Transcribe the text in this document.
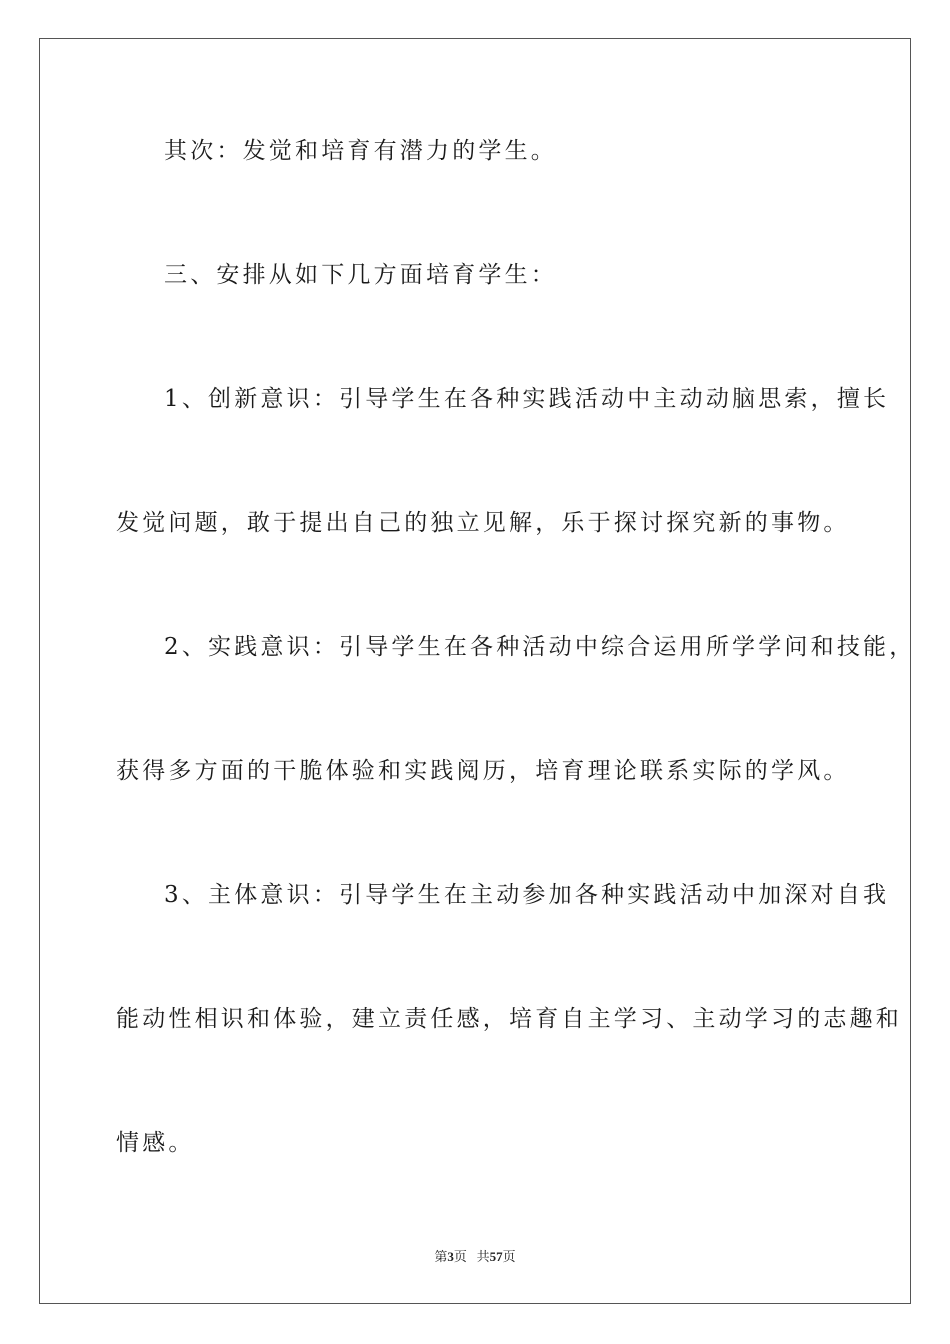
其次：发觉和培育有潜力的学生。
三、安排从如下几方面培育学生：
1、创新意识：引导学生在各种实践活动中主动动脑思索，擅长
发觉问题，敢于提出自己的独立见解，乐于探讨探究新的事物。
2、实践意识：引导学生在各种活动中综合运用所学学问和技能，
获得多方面的干脆体验和实践阅历，培育理论联系实际的学风。
3、主体意识：引导学生在主动参加各种实践活动中加深对自我
能动性相识和体验，建立责任感，培育自主学习、主动学习的志趣和
情感。
第3页 共57页
